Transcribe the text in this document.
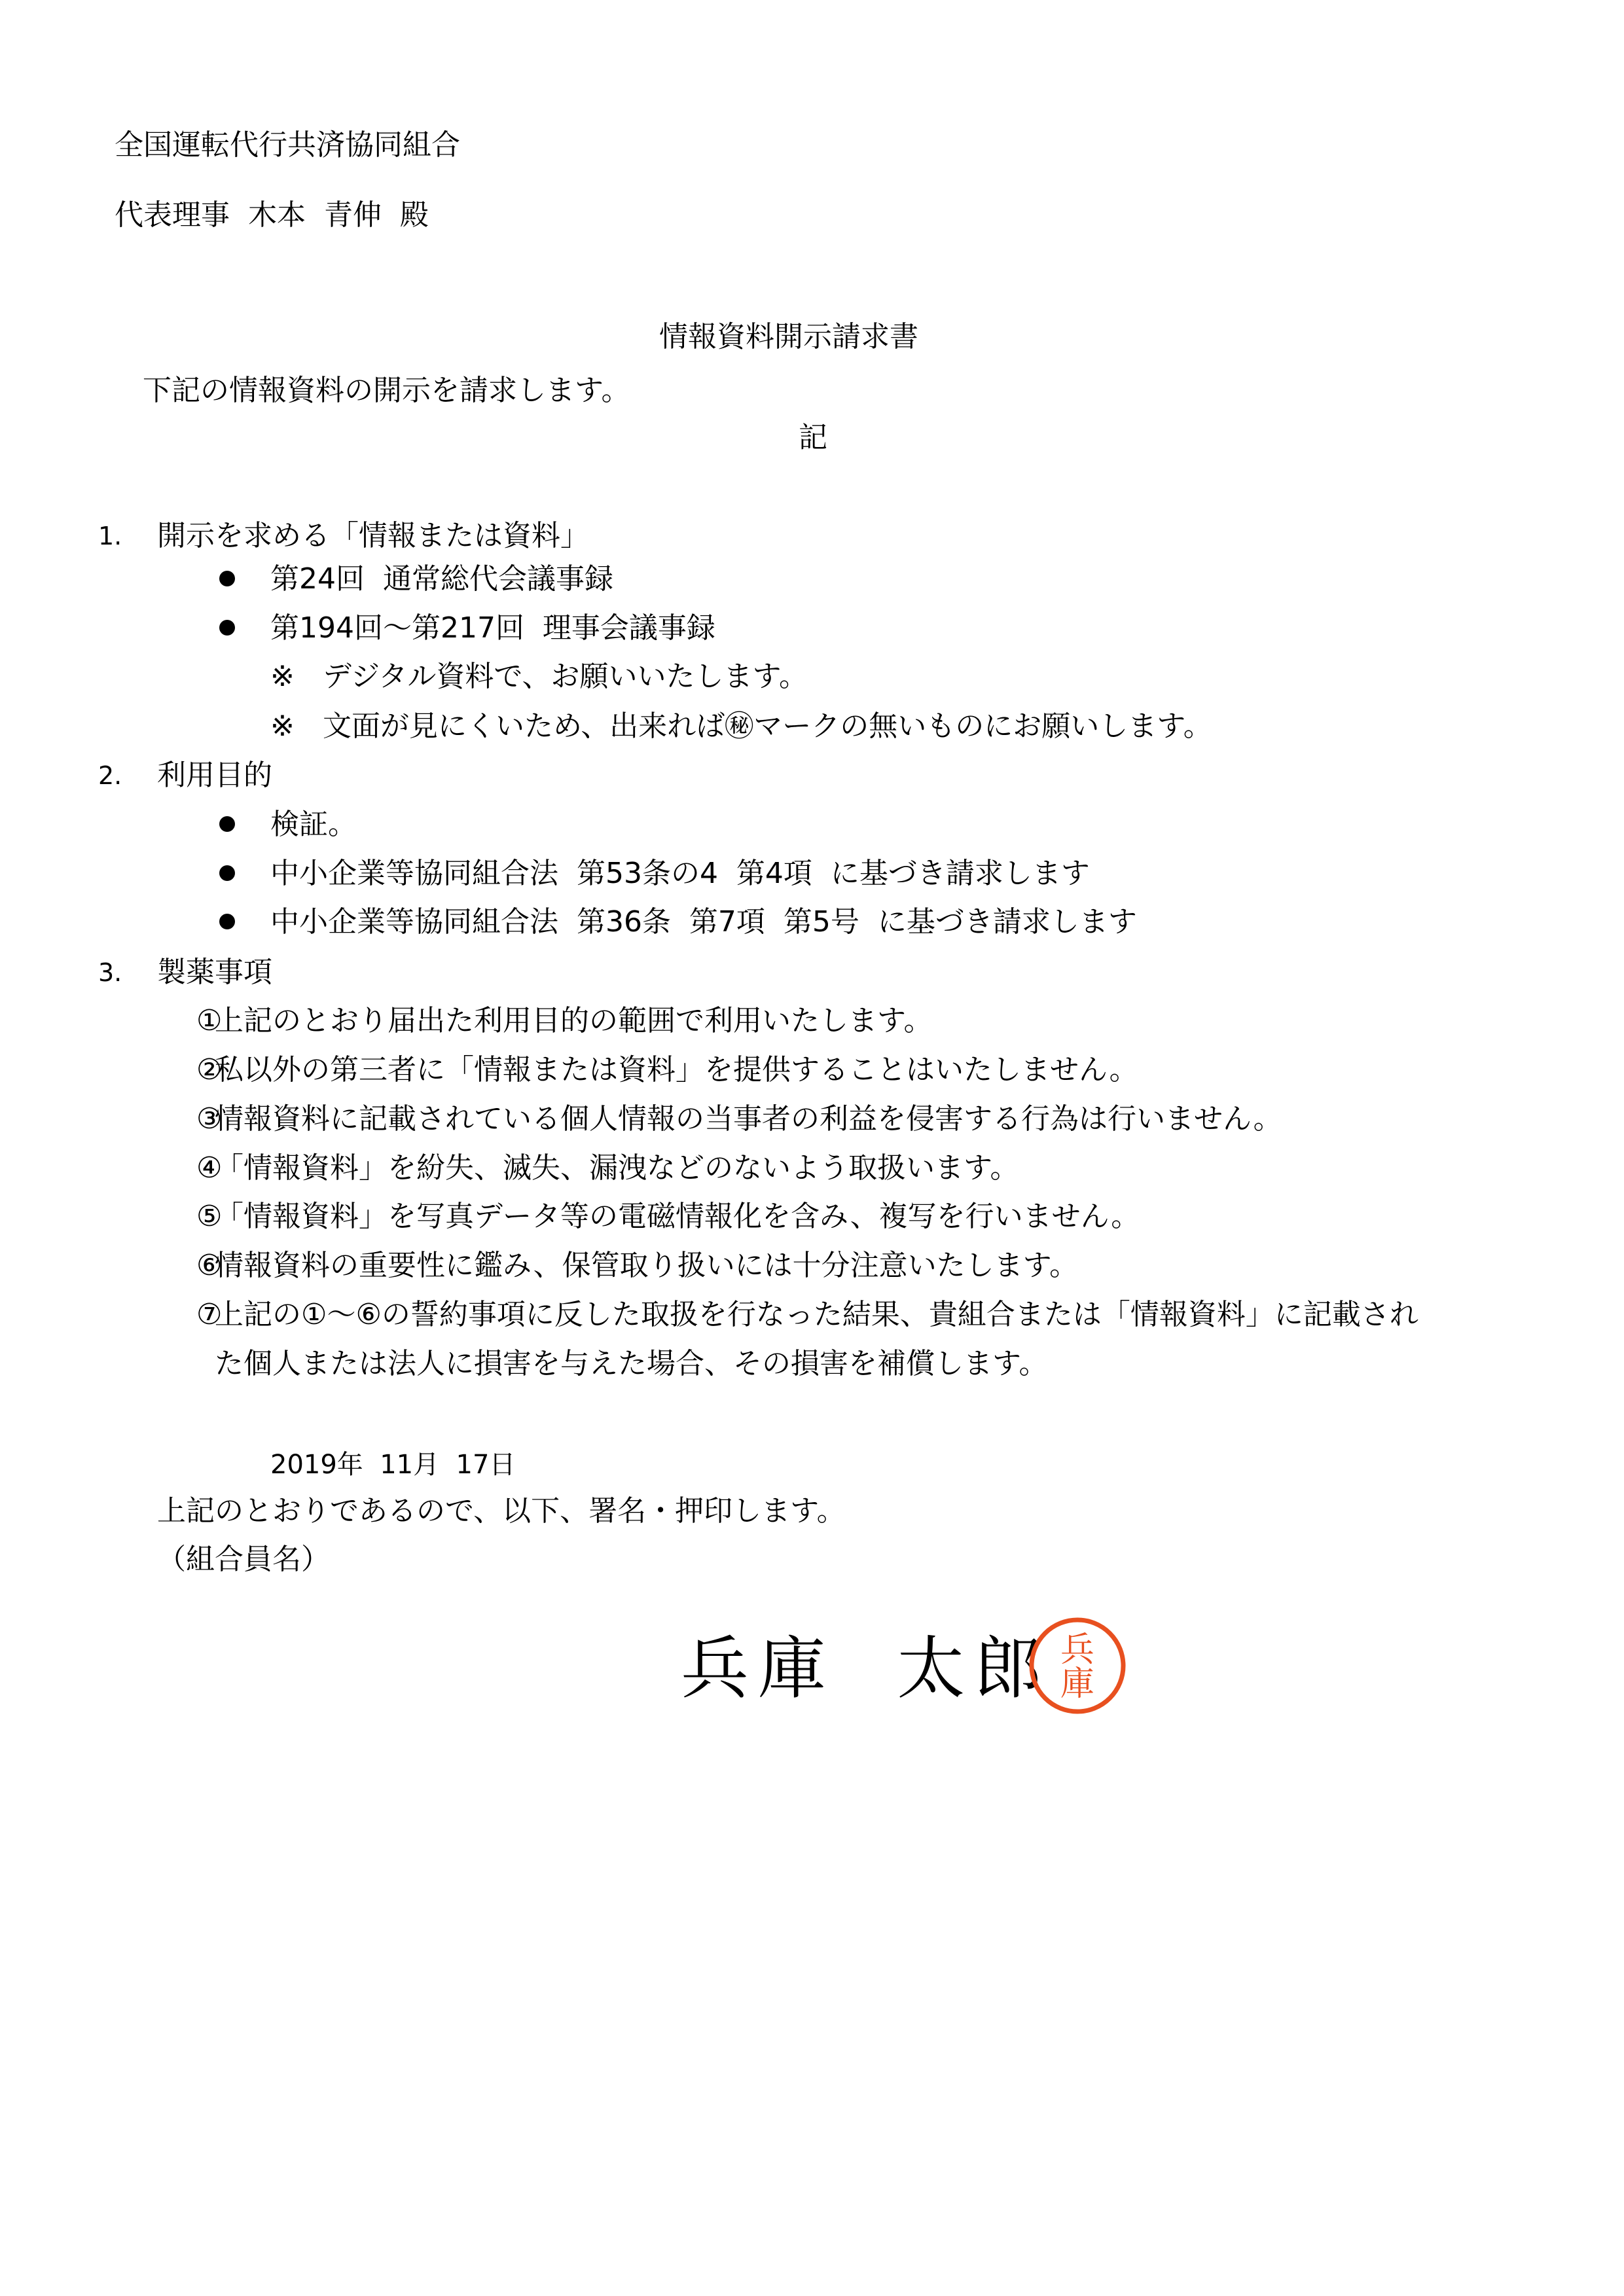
全国運転代行共済協同組合
代表理事  木本  青伸  殿
情報資料開示請求書
下記の情報資料の開示を請求します。
記
1. 開示を求める「情報または資料」
第24回  通常総代会議事録
第194回～第217回  理事会議事録
※ デジタル資料で、お願いいたします。
※ 文面が見にくいため、出来れば㊙マークの無いものにお願いします。
2. 利用目的
検証。
中小企業等協同組合法  第53条の4  第4項  に基づき請求します
中小企業等協同組合法  第36条  第7項  第5号  に基づき請求します
3. 製薬事項
①
上記のとおり届出た利用目的の範囲で利用いたします。
②
私以外の第三者に「情報または資料」を提供することはいたしません。
③
情報資料に記載されている個人情報の当事者の利益を侵害する行為は行いません。
④
「情報資料」を紛失、滅失、漏洩などのないよう取扱います。
⑤
「情報資料」を写真データ等の電磁情報化を含み、複写を行いません。
⑥
情報資料の重要性に鑑み、保管取り扱いには十分注意いたします。
⑦
上記の①～⑥の誓約事項に反した取扱を行なった結果、貴組合または「情報資料」に記載され
た個人または法人に損害を与えた場合、その損害を補償します。
2019年  11月  17日
上記のとおりであるので、以下、署名・押印します。
（組合員名）
兵庫  太郎 兵
庫
